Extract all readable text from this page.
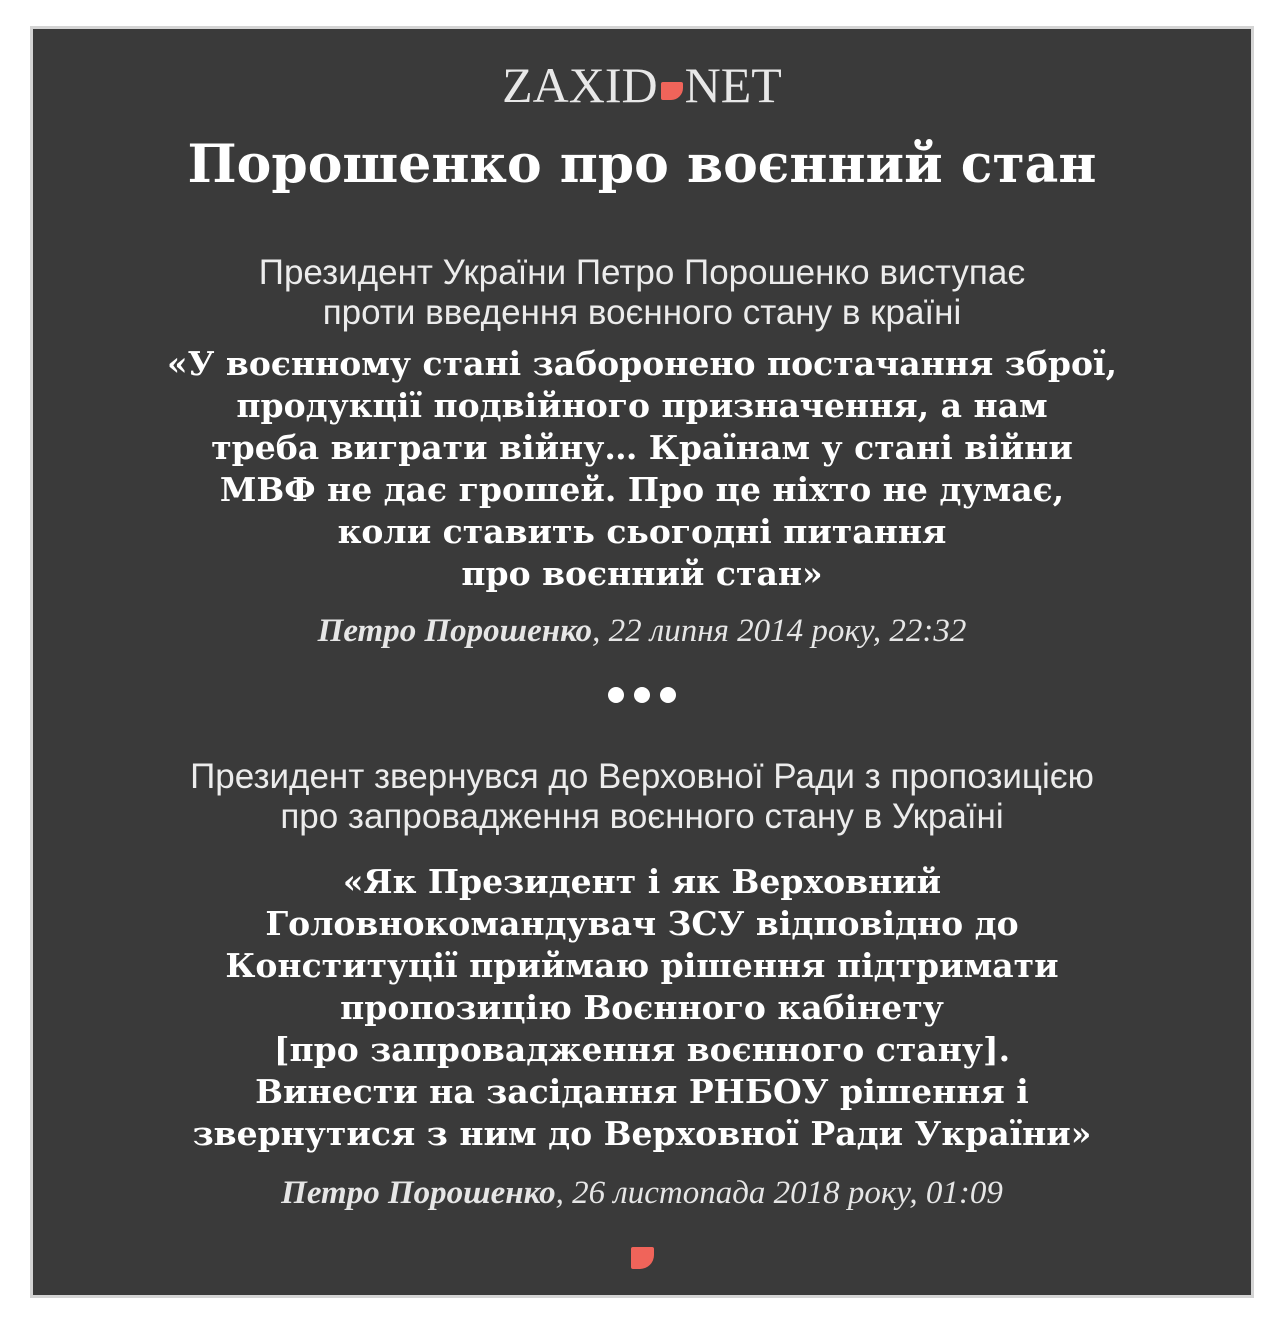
ZAXID NET
Порошенко про воєнний стан
Президент України Петро Порошенко виступає
проти введення воєнного стану в країні
«У воєнному стані заборонено постачання зброї,
продукції подвійного призначення, а нам
треба виграти війну… Країнам у стані війни
МВФ не дає грошей. Про це ніхто не думає,
коли ставить сьогодні питання
про воєнний стан»
Петро Порошенко, 22 липня 2014 року, 22:32
Президент звернувся до Верховної Ради з пропозицією
про запровадження воєнного стану в Україні
«Як Президент і як Верховний
Головнокомандувач ЗСУ відповідно до
Конституції приймаю рішення підтримати
пропозицію Воєнного кабінету
[про запровадження воєнного стану].
Винести на засідання РНБОУ рішення і
звернутися з ним до Верховної Ради України»
Петро Порошенко, 26 листопада 2018 року, 01:09
